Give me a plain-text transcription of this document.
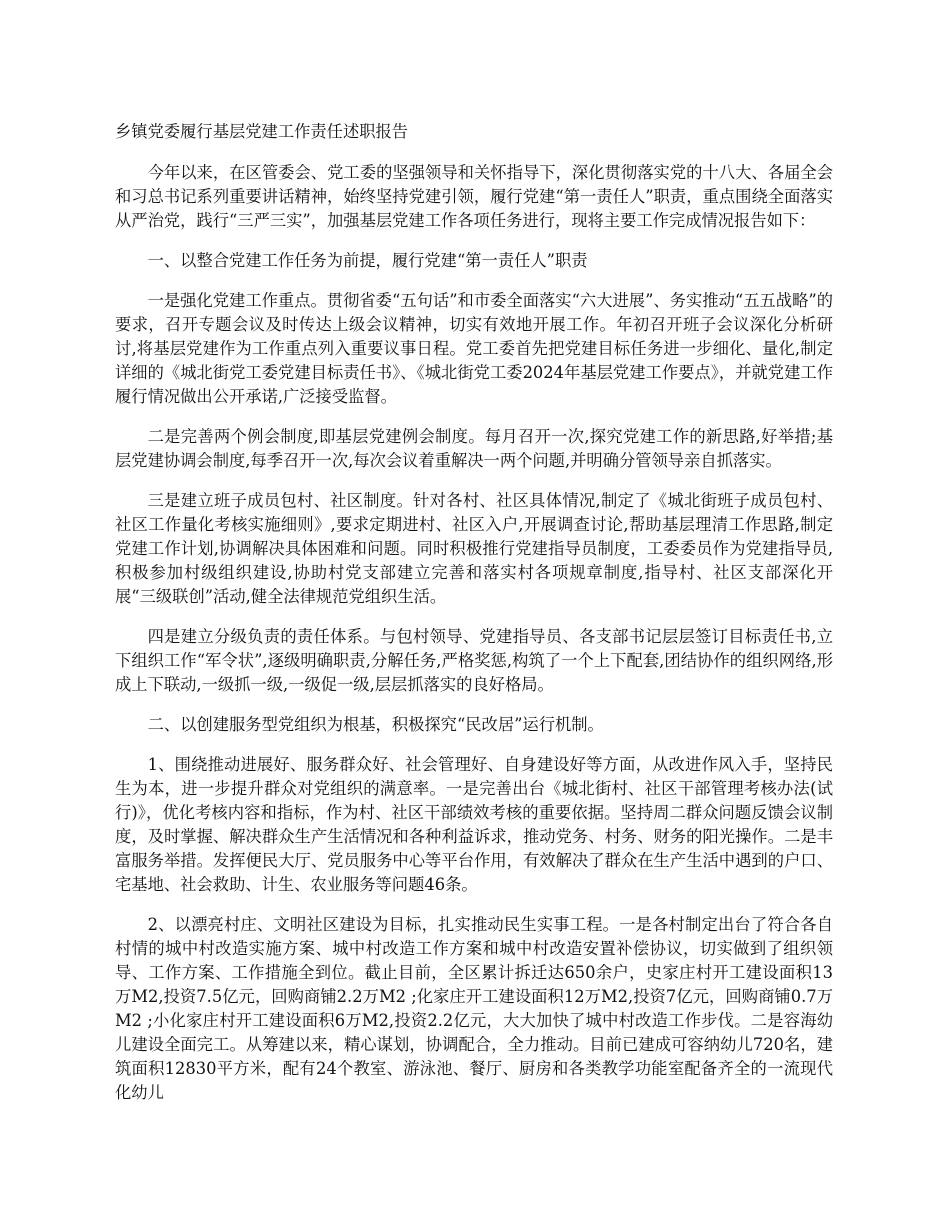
乡镇党委履行基层党建工作责任述职报告

今年以来，在区管委会、党工委的坚强领导和关怀指导下，深化贯彻落实党的十八大、各届全会和习总书记系列重要讲话精神，始终坚持党建引领，履行党建“第一责任人”职责，重点围绕全面落实从严治党，践行“三严三实”，加强基层党建工作各项任务进行，现将主要工作完成情况报告如下：

一、以整合党建工作任务为前提，履行党建“第一责任人”职责

一是强化党建工作重点。贯彻省委“五句话”和市委全面落实“六大进展”、务实推动“五五战略”的要求，召开专题会议及时传达上级会议精神，切实有效地开展工作。年初召开班子会议深化分析研讨,将基层党建作为工作重点列入重要议事日程。党工委首先把党建目标任务进一步细化、量化,制定详细的《城北街党工委党建目标责任书》、《城北街党工委2024年基层党建工作要点》，并就党建工作履行情况做出公开承诺,广泛接受监督。

二是完善两个例会制度,即基层党建例会制度。每月召开一次,探究党建工作的新思路,好举措;基层党建协调会制度,每季召开一次,每次会议着重解决一两个问题,并明确分管领导亲自抓落实。

三是建立班子成员包村、社区制度。针对各村、社区具体情况,制定了《城北街班子成员包村、社区工作量化考核实施细则》,要求定期进村、社区入户,开展调查讨论,帮助基层理清工作思路,制定党建工作计划,协调解决具体困难和问题。同时积极推行党建指导员制度，工委委员作为党建指导员,积极参加村级组织建设,协助村党支部建立完善和落实村各项规章制度,指导村、社区支部深化开展“三级联创”活动,健全法律规范党组织生活。

四是建立分级负责的责任体系。与包村领导、党建指导员、各支部书记层层签订目标责任书,立下组织工作“军令状”,逐级明确职责,分解任务,严格奖惩,构筑了一个上下配套,团结协作的组织网络,形成上下联动,一级抓一级,一级促一级,层层抓落实的良好格局。

二、以创建服务型党组织为根基，积极探究“民改居”运行机制。

1、围绕推动进展好、服务群众好、社会管理好、自身建设好等方面，从改进作风入手，坚持民生为本，进一步提升群众对党组织的满意率。一是完善出台《城北街村、社区干部管理考核办法(试行)》，优化考核内容和指标，作为村、社区干部绩效考核的重要依据。坚持周二群众问题反馈会议制度，及时掌握、解决群众生产生活情况和各种利益诉求，推动党务、村务、财务的阳光操作。二是丰富服务举措。发挥便民大厅、党员服务中心等平台作用，有效解决了群众在生产生活中遇到的户口、宅基地、社会救助、计生、农业服务等问题46条。

2、以漂亮村庄、文明社区建设为目标，扎实推动民生实事工程。一是各村制定出台了符合各自村情的城中村改造实施方案、城中村改造工作方案和城中村改造安置补偿协议，切实做到了组织领导、工作方案、工作措施全到位。截止目前，全区累计拆迁达650余户，史家庄村开工建设面积13万M2,投资7.5亿元，回购商铺2.2万M2 ;化家庄开工建设面积12万M2,投资7亿元，回购商铺0.7万M2 ;小化家庄村开工建设面积6万M2,投资2.2亿元，大大加快了城中村改造工作步伐。二是容海幼儿建设全面完工。从筹建以来，精心谋划，协调配合，全力推动。目前已建成可容纳幼儿720名，建筑面积12830平方米，配有24个教室、游泳池、餐厅、厨房和各类教学功能室配备齐全的一流现代化幼儿
